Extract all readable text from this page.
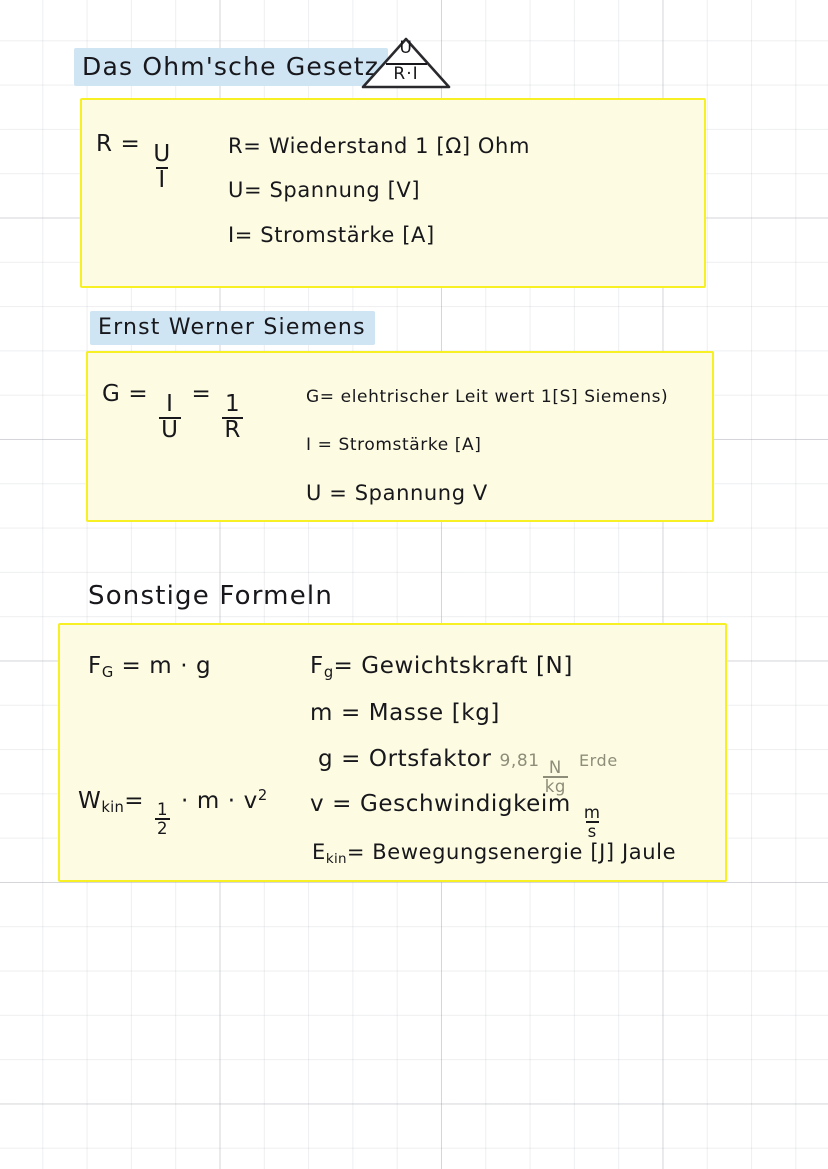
Das Ohm'sche Gesetz
U
R·I
$R = \frac{U}{I}$	R= Wiederstand 1 [Ω] Ohm
U= Spannung [V]
I= Stromstärke [A]
Ernst Werner Siemens
$G = \frac{I}{U} = \frac{1}{R}$	G= elehtrischer Leit wert 1[S] Siemens)
I = Stromstärke [A]
U = Spannung V
Sonstige Formeln
$F_G = m \cdot g$
$W_{kin}= \frac{1}{2} \cdot m \cdot v^2$
$F_g=$ Gewichtskraft [N]
m = Masse [kg]
g = Ortsfaktor $9,81 \frac{N}{kg}$ Erde
v = Geschwindigkeim $\frac{m}{s}$
$E_{kin}=$ Bewegungsenergie [J] Jaule
